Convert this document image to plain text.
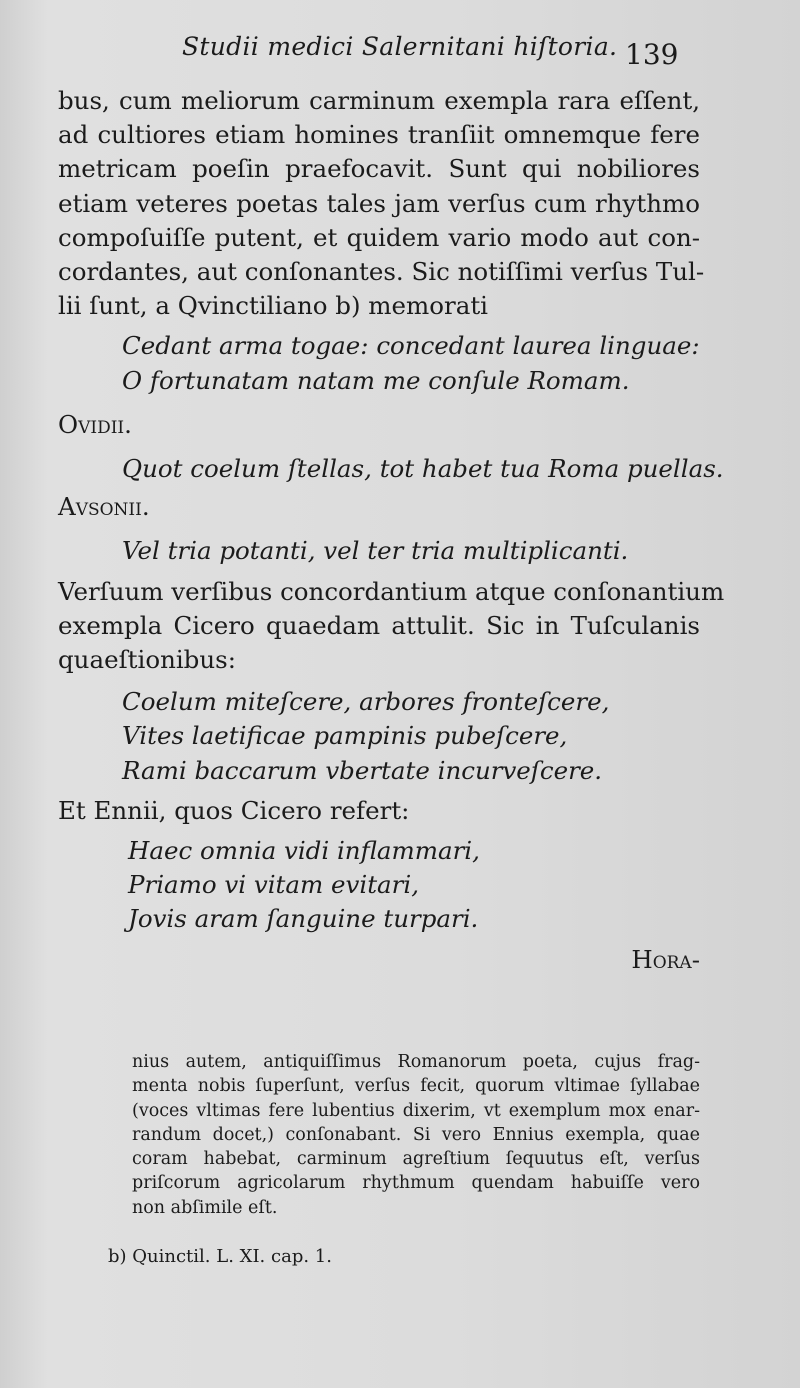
Studii medici Salernitani hiſtoria. 139
bus, cum meliorum carminum exempla rara eſſent,
ad cultiores etiam homines tranſiit omnemque fere
metricam poeſin praefocavit. Sunt qui nobiliores
etiam veteres poetas tales jam verſus cum rhythmo
compoſuiſſe putent, et quidem vario modo aut con-
cordantes, aut conſonantes. Sic notiſſimi verſus Tul-
lii ſunt, a Qvinctiliano b) memorati
Cedant arma togae: concedant laurea linguae:
O fortunatam natam me conſule Romam.
Ovidii.
Quot coelum ſtellas, tot habet tua Roma puellas.
Avsonii.
Vel tria potanti, vel ter tria multiplicanti.
Verſuum verſibus concordantium atque conſonantium
exempla Cicero quaedam attulit. Sic in Tuſculanis
quaeſtionibus:
Coelum miteſcere, arbores fronteſcere,
Vites laetificae pampinis pubeſcere,
Rami baccarum vbertate incurveſcere.
Et Ennii, quos Cicero refert:
Haec omnia vidi inflammari,
Priamo vi vitam evitari,
Jovis aram ſanguine turpari.
Hora-
nius autem, antiquiſſimus Romanorum poeta, cujus frag-
menta nobis ſuperſunt, verſus fecit, quorum vltimae ſyllabae
(voces vltimas fere lubentius dixerim, vt exemplum mox enar-
randum docet,) conſonabant. Si vero Ennius exempla, quae
coram habebat, carminum agreſtium ſequutus eſt, verſus
priſcorum agricolarum rhythmum quendam habuiſſe vero
non abſimile eſt.
b) Quinctil. L. XI. cap. 1.
